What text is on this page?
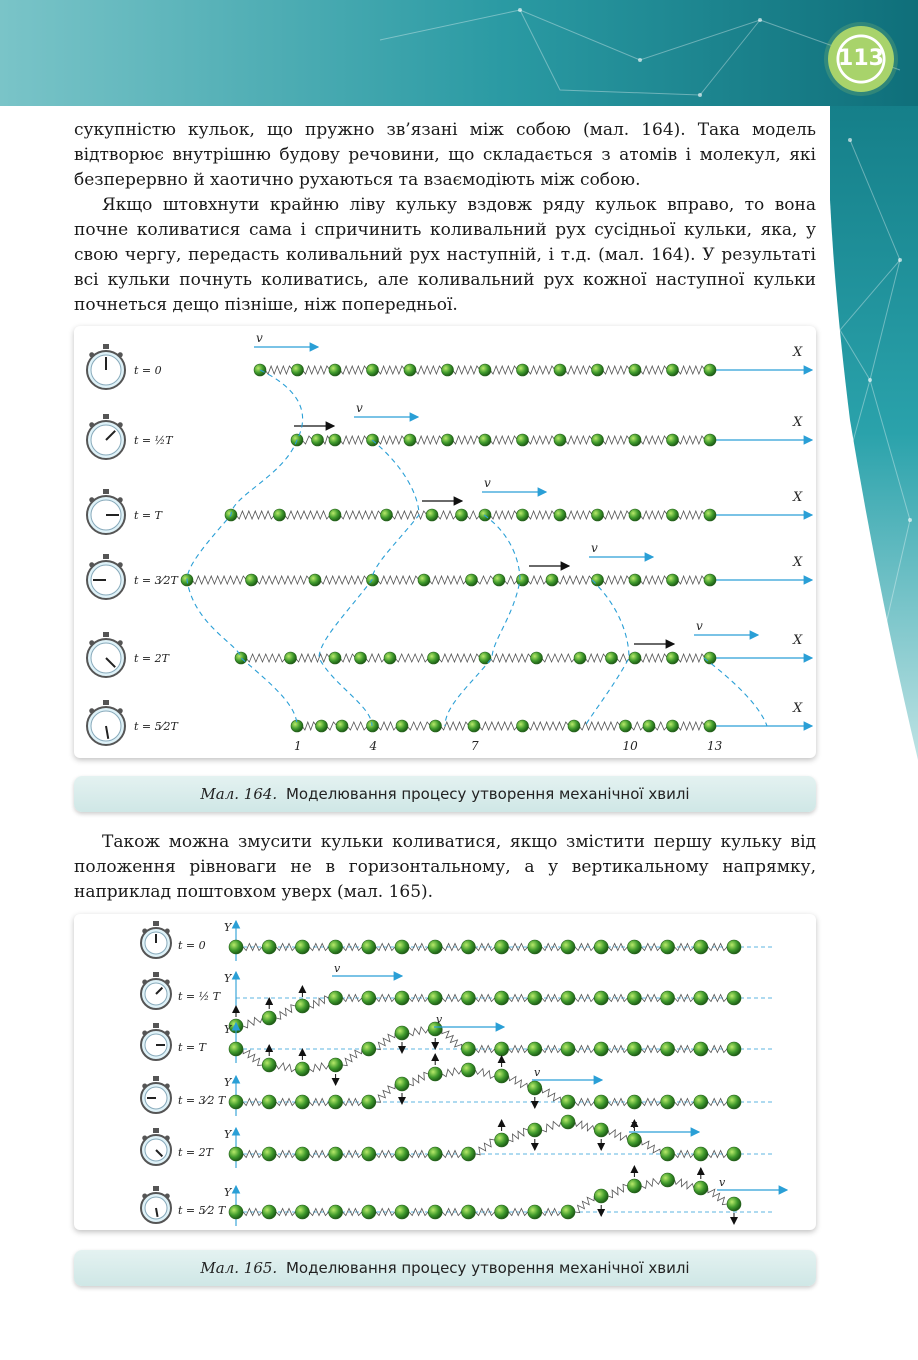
113

сукупністю кульок, що пружно зв’язані між собою (мал. 164). Така модель відтворює внутрішню будову речовини, що складається з атомів і молекул, які безперервно й хаотично рухаються та взаємодіють між собою.

Якщо штовхнути крайню ліву кульку вздовж ряду кульок вправо, то вона почне коливатися сама і спричинить коливальний рух сусідньої кульки, яка, у свою чергу, передасть коливальний рух наступній, і т.д. (мал. 164). У результаті всі кульки почнуть коливатись, але коливальний рух кожної наступної кульки почнеться дещо пізніше, ніж попередньої.

t = 0
X
v
t = ½T
X
v
t = T
X
v
t = 3⁄2T
X
v
t = 2T
X
v
t = 5⁄2T
X
1	4	7	10	13
Мал. 164. Моделювання процесу утворення механічної хвилі

Також можна змусити кульки коливатися, якщо змістити першу кульку від положення рівноваги не в горизонтальному, а у вертикальному напрямку, наприклад поштовхом уверх (мал. 165).

t = 0
Y
t = ½ T
Y
v
t = T
Y
v
t = 3⁄2 T
Y
v
t = 2T
Y
v
t = 5⁄2 T
Y
v
Мал. 165. Моделювання процесу утворення механічної хвилі
